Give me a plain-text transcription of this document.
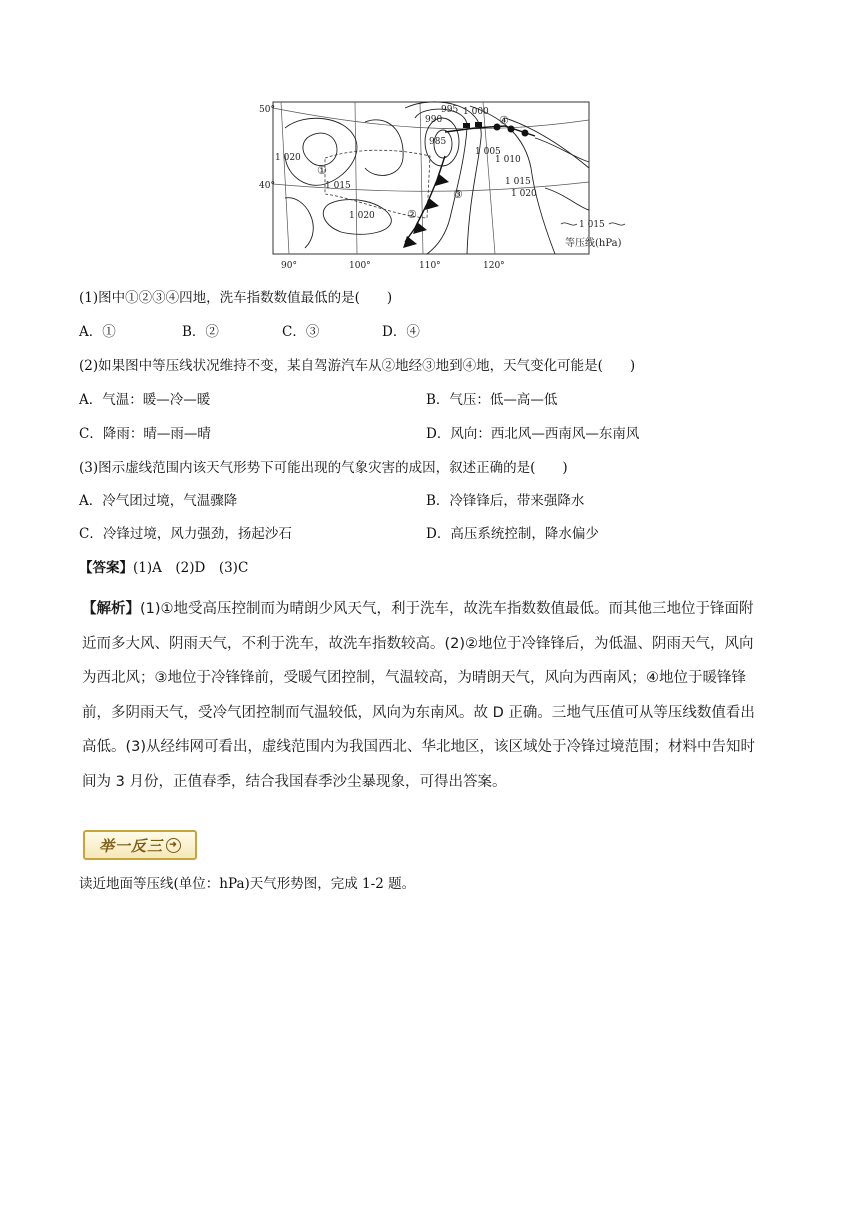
50°
40°
90°	100°	110°	120°
990
995 1 000
985
1 005
1 010
1 015
1 020
1 020
1 015
1 020
①
②
③
④
1 015
等压线(hPa)
(1)图中①②③④四地，洗车指数数值最低的是(　　)
A．①	B．②	C．③	D．④
(2)如果图中等压线状况维持不变，某自驾游汽车从②地经③地到④地，天气变化可能是(　　)
A．气温：暖—冷—暖	B．气压：低—高—低
C．降雨：晴—雨—晴	D．风向：西北风—西南风—东南风
(3)图示虚线范围内该天气形势下可能出现的气象灾害的成因，叙述正确的是(　　)
A．冷气团过境，气温骤降	B．冷锋锋后，带来强降水
C．冷锋过境，风力强劲，扬起沙石	D．高压系统控制，降水偏少
【答案】(1)A　(2)D　(3)C
【解析】(1)①地受高压控制而为晴朗少风天气，利于洗车，故洗车指数数值最低。而其他三地位于锋面附
近而多大风、阴雨天气，不利于洗车，故洗车指数较高。(2)②地位于冷锋锋后，为低温、阴雨天气，风向
为西北风；③地位于冷锋锋前，受暖气团控制，气温较高，为晴朗天气，风向为西南风；④地位于暖锋锋
前，多阴雨天气，受冷气团控制而气温较低，风向为东南风。故 D 正确。三地气压值可从等压线数值看出
高低。(3)从经纬网可看出，虚线范围内为我国西北、华北地区，该区域处于冷锋过境范围；材料中告知时
间为 3 月份，正值春季，结合我国春季沙尘暴现象，可得出答案。
举一反三 ➜
读近地面等压线(单位：hPa)天气形势图，完成 1-2 题。
